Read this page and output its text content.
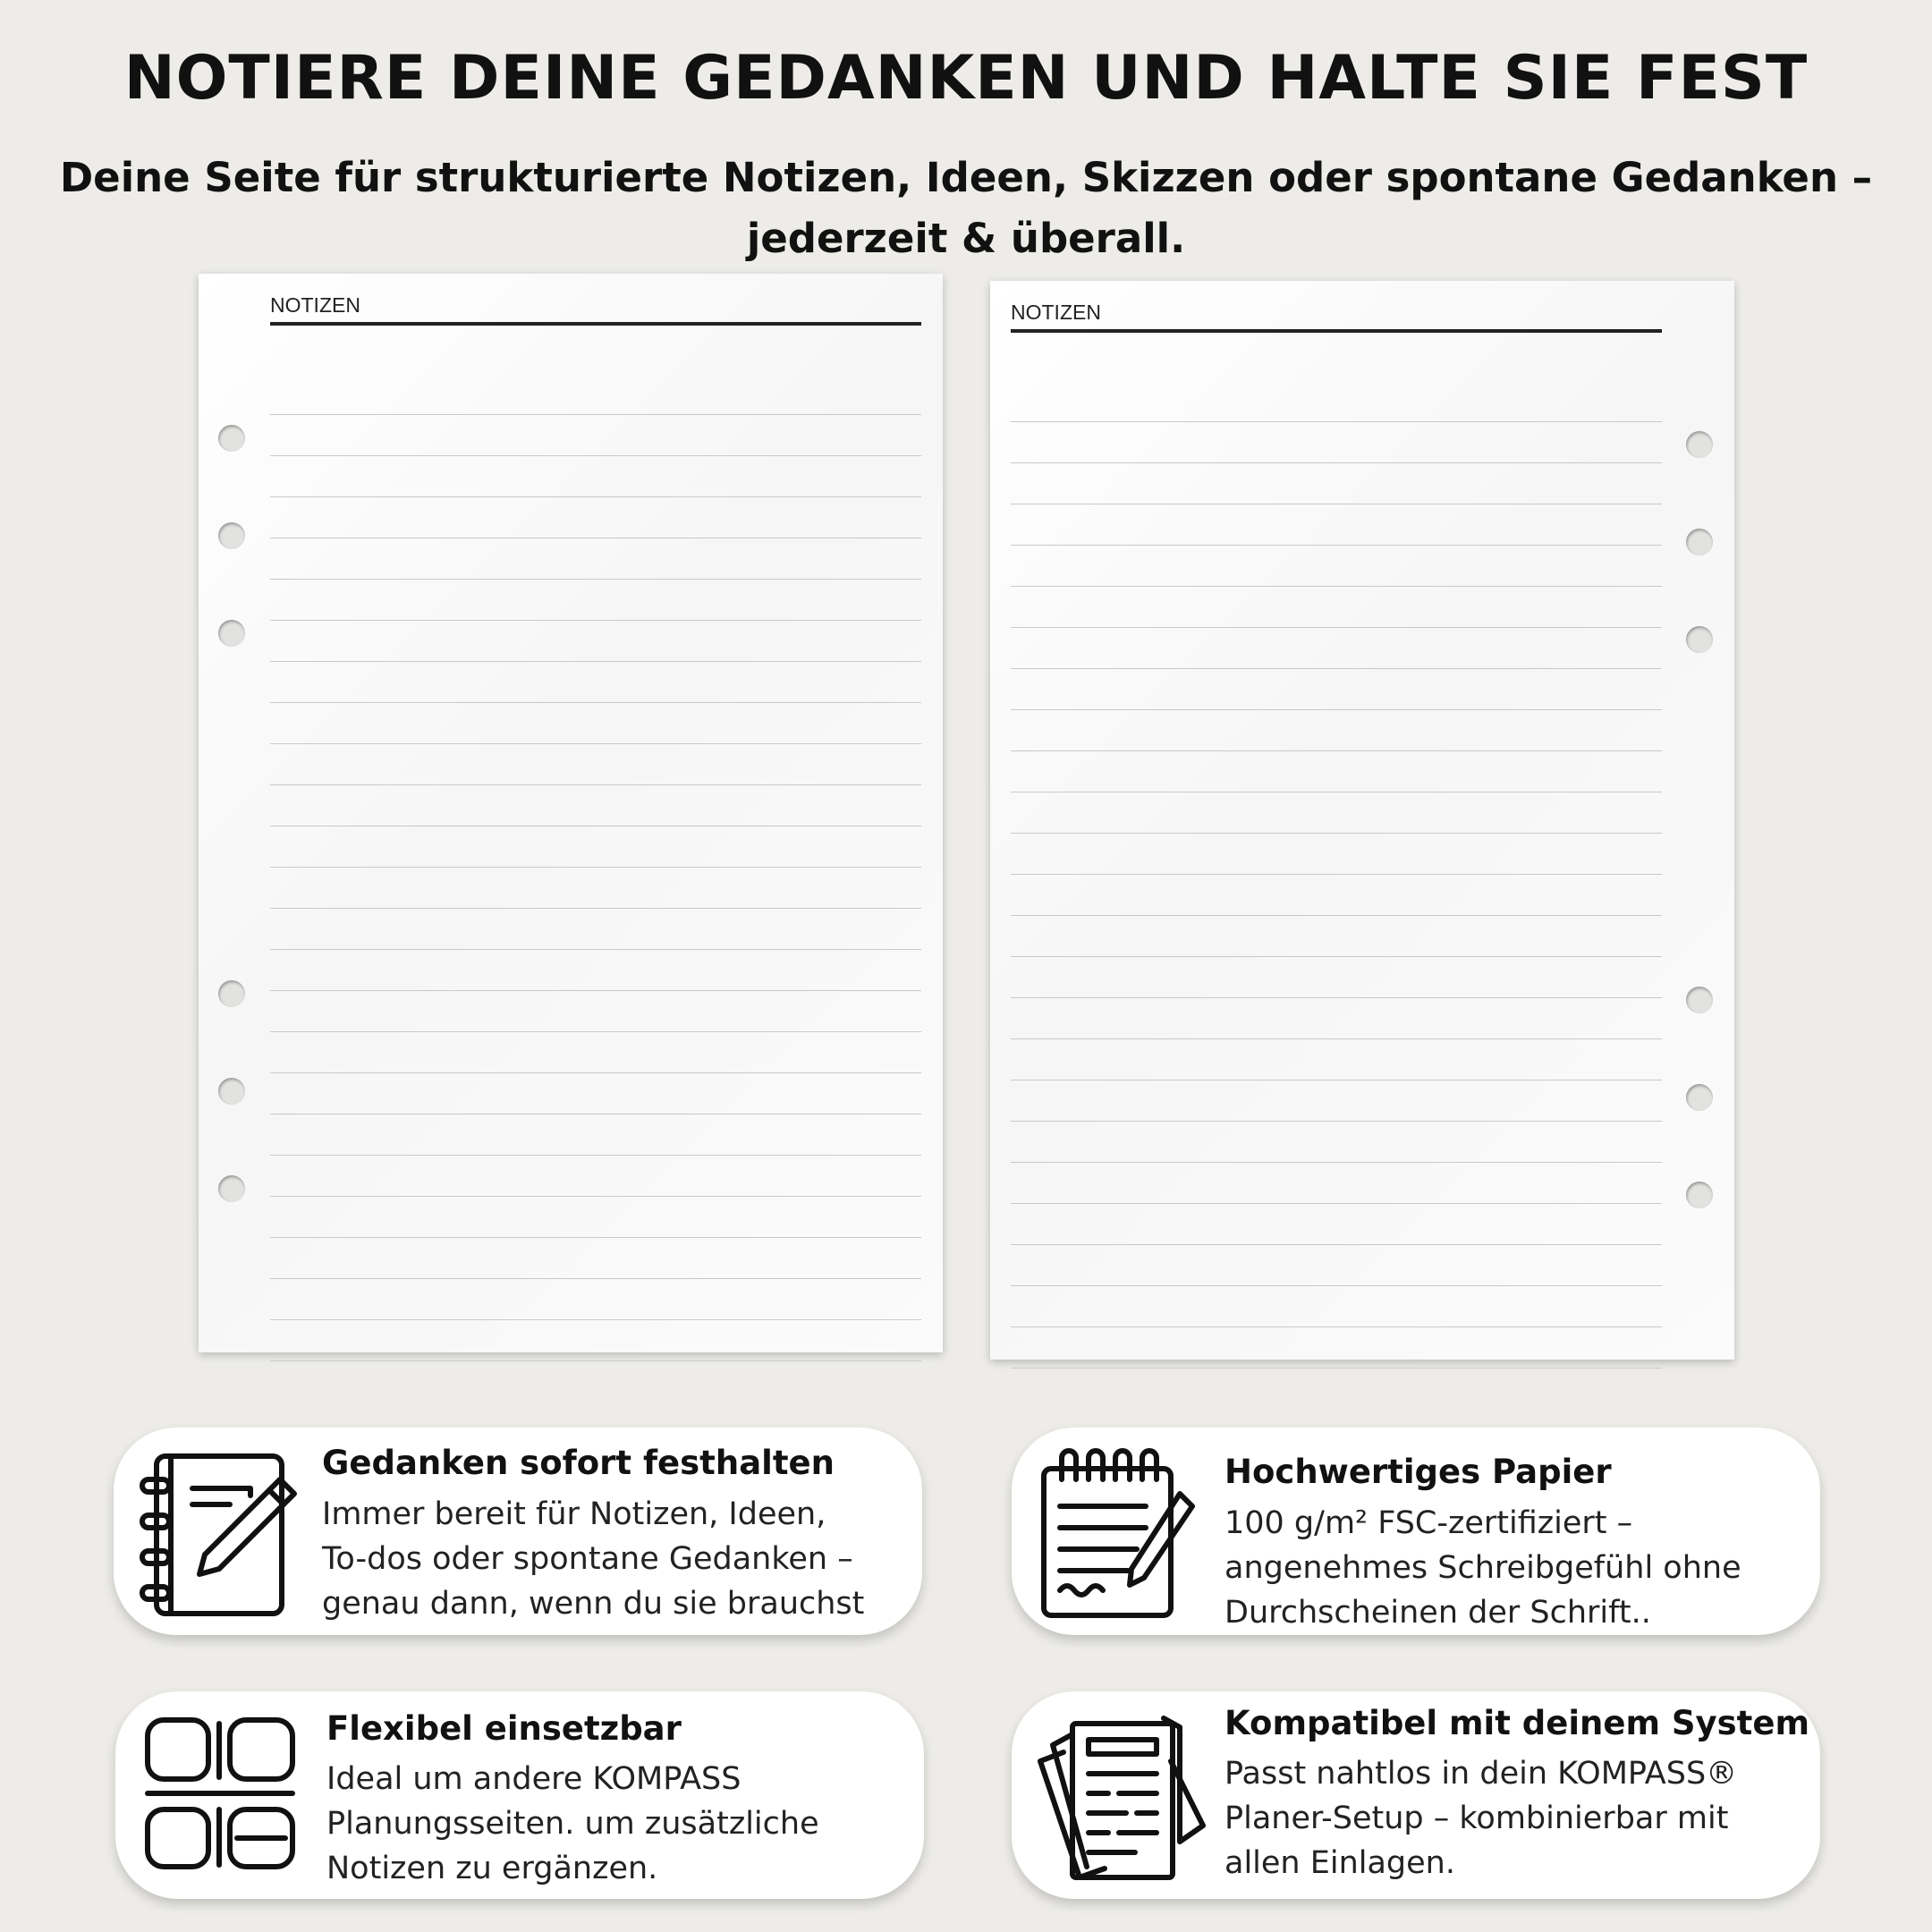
NOTIERE DEINE GEDANKEN UND HALTE SIE FEST

Deine Seite für strukturierte Notizen, Ideen, Skizzen oder spontane Gedanken – jederzeit & überall.

NOTIZEN	NOTIZEN
Gedanken sofort festhalten
Immer bereit für Notizen, Ideen,
To-dos oder spontane Gedanken –
genau dann, wenn du sie brauchst
Hochwertiges Papier
100 g/m² FSC-zertifiziert –
angenehmes Schreibgefühl ohne
Durchscheinen der Schrift..
Flexibel einsetzbar
Ideal um andere KOMPASS
Planungsseiten. um zusätzliche
Notizen zu ergänzen.
Kompatibel mit deinem System
Passt nahtlos in dein KOMPASS®
Planer-Setup – kombinierbar mit
allen Einlagen.
